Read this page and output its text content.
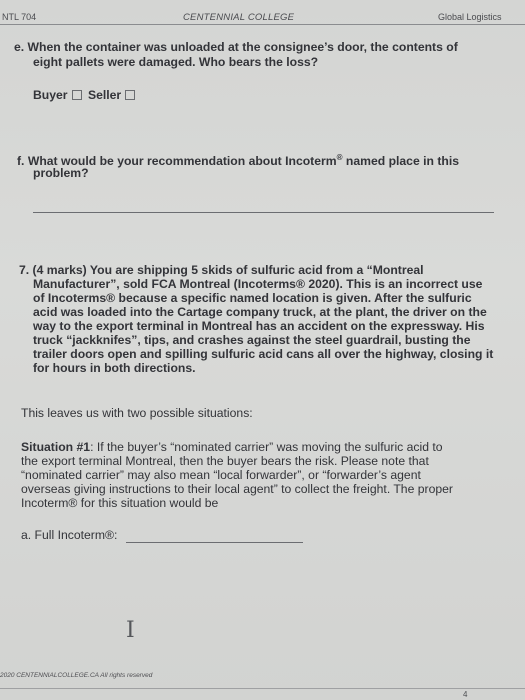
NTL 704	CENTENNIAL COLLEGE	Global Logistics
e. When the container was unloaded at the consignee’s door, the contents of
eight pallets were damaged. Who bears the loss?
Buyer Seller
f. What would be your recommendation about Incoterm® named place in this
problem?
7. (4 marks) You are shipping 5 skids of sulfuric acid from a “Montreal
Manufacturer”, sold FCA Montreal (Incoterms® 2020). This is an incorrect use
of Incoterms® because a specific named location is given. After the sulfuric
acid was loaded into the Cartage company truck, at the plant, the driver on the
way to the export terminal in Montreal has an accident on the expressway. His
truck “jackknifes”, tips, and crashes against the steel guardrail, busting the
trailer doors open and spilling sulfuric acid cans all over the highway, closing it
for hours in both directions.
This leaves us with two possible situations:
Situation #1: If the buyer’s “nominated carrier” was moving the sulfuric acid to
the export terminal Montreal, then the buyer bears the risk. Please note that
“nominated carrier” may also mean “local forwarder”, or “forwarder’s agent
overseas giving instructions to their local agent” to collect the freight. The proper
Incoterm® for this situation would be
a. Full Incoterm®:
I
2020 CENTENNIALCOLLEGE.CA All rights reserved
4
